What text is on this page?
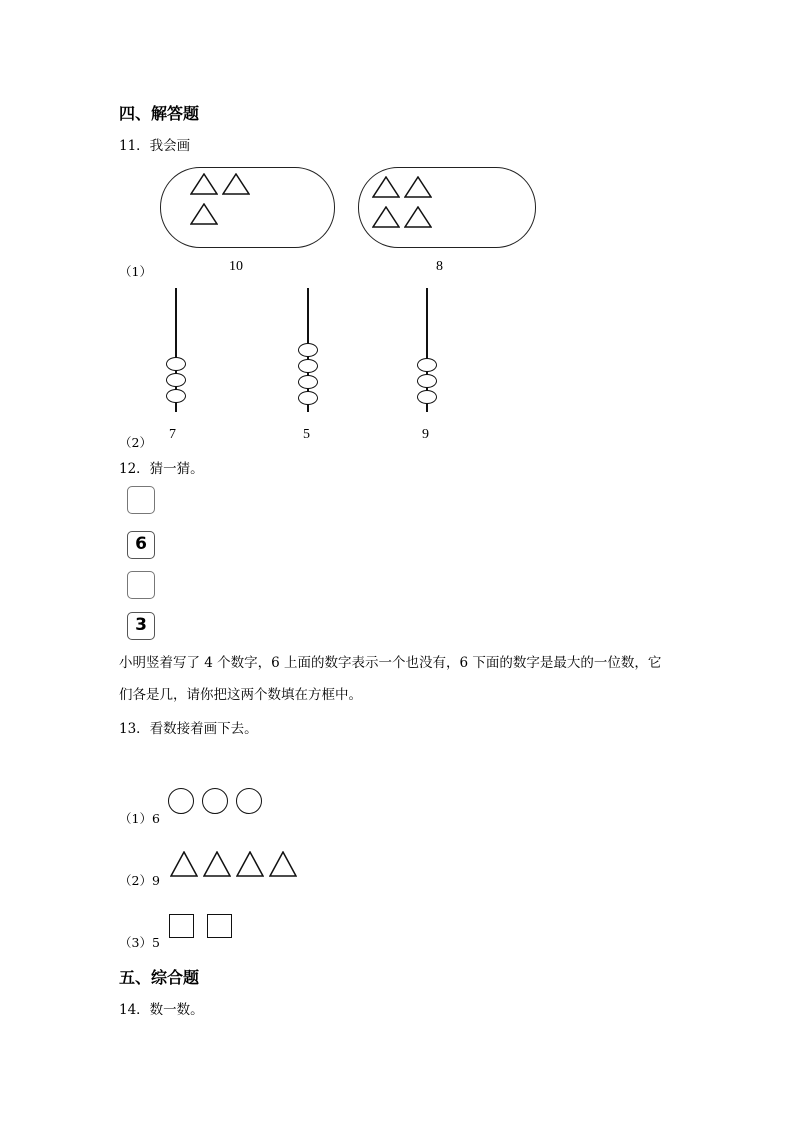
四、解答题
11．我会画
（1）	10	8
（2）
7	5	9
12．猜一猜。
6
3
小明竖着写了 4 个数字，6 上面的数字表示一个也没有，6 下面的数字是最大的一位数，它
们各是几，请你把这两个数填在方框中。
13．看数接着画下去。
（1）6
（2）9
（3）5
五、综合题
14．数一数。
